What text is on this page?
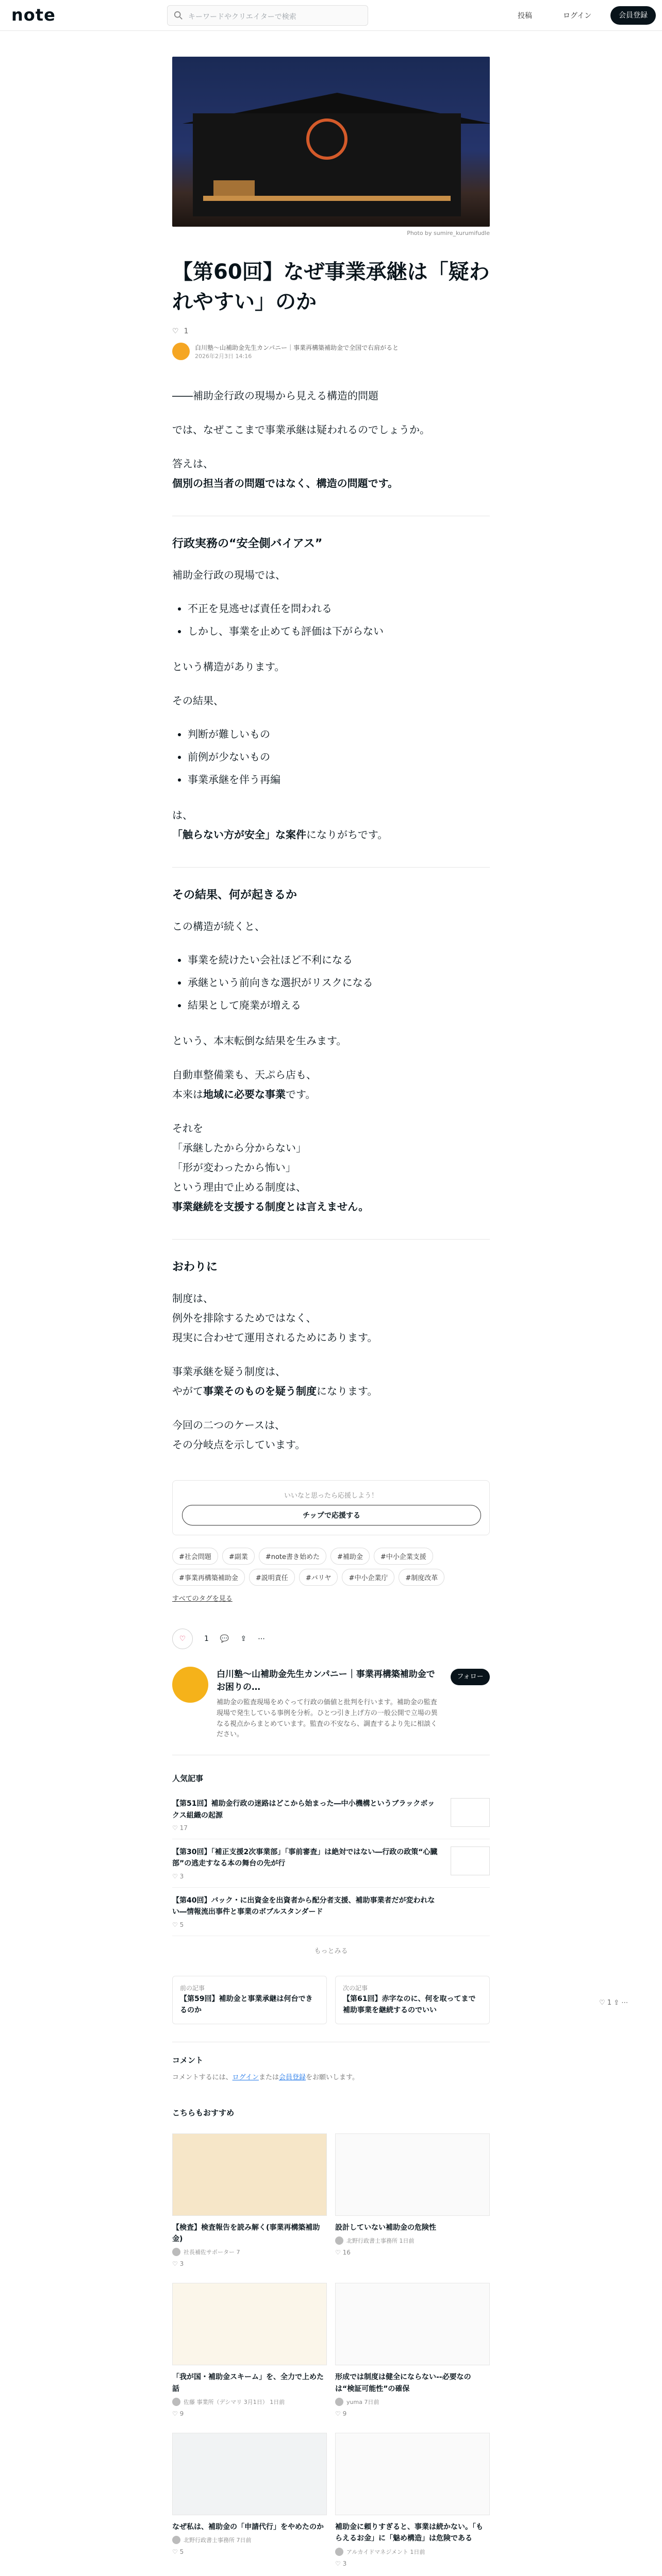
note	キーワードやクリエイターで検索	投稿	ログイン	会員登録
Photo by sumire_kurumifudle
【第60回】なぜ事業承継は「疑われやすい」のか
♡ 1
白川塾〜山補助金先生カンパニー｜事業再構築補助金で全国で右肩がると
2026年2月3日 14:16

――補助金行政の現場から見える構造的問題

では、なぜここまで事業承継は疑われるのでしょうか。

答えは、
個別の担当者の問題ではなく、構造の問題です。

行政実務の“安全側バイアス”

補助金行政の現場では、

• 不正を見逃せば責任を問われる
• しかし、事業を止めても評価は下がらない

という構造があります。

その結果、

• 判断が難しいもの
• 前例が少ないもの
• 事業承継を伴う再編

は、
「触らない方が安全」な案件になりがちです。

その結果、何が起きるか

この構造が続くと、

• 事業を続けたい会社ほど不利になる
• 承継という前向きな選択がリスクになる
• 結果として廃業が増える

という、本末転倒な結果を生みます。

自動車整備業も、天ぷら店も、
本来は地域に必要な事業です。

それを
「承継したから分からない」
「形が変わったから怖い」
という理由で止める制度は、
事業継続を支援する制度とは言えません。

おわりに

制度は、
例外を排除するためではなく、
現実に合わせて運用されるためにあります。

事業承継を疑う制度は、
やがて事業そのものを疑う制度になります。

今回の二つのケースは、
その分岐点を示しています。

いいなと思ったら応援しよう！
チップで応援する
#社会問題	#副業	#note書き始めた	#補助金	#中小企業支援
#事業再構築補助金	#説明責任	#バリヤ	#中小企業庁	#制度改革
すべてのタグを見る
♡	1 💬 ⇪ ⋯
白川塾〜山補助金先生カンパニー｜事業再構築補助金でお困りの…
補助金の監査現場をめぐって行政の価値と批判を行います。補助金の監査現場で発生している事例を分析。ひとつ引き上げ方の一般公開で立場の異なる視点からまとめています。監査の不安なら、調査するより先に相談ください。
フォロー
人気記事
【第51回】補助金行政の迷路はどこから始まった―中小機構というブラックボックス組織の起源
♡ 17
【第30回】「補正支援2次事業部」「事前審査」は絶対ではない―行政の政策“心臓部”の逃走すなる本の舞台の先が行
♡ 3
【第40回】バック・に出資金を出資者から配分者支援、補助事業者だが変われない―情報流出事件と事業のボブルスタンダード
♡ 5
もっとみる
前の記事
【第59回】補助金と事業承継は何台できるのか
次の記事
【第61回】赤字なのに、何を取ってまで補助事業を継続するのでいい
コメント
コメントするには、ログインまたは会員登録をお願いします。
こちらもおすすめ
【検査】検査報告を読み解く(事業再構築補助金)
社長補佐サポーター 7
♡ 3
設計していない補助金の危険性
北野行政書士事務所 1日前
♡ 16
「我が国・補助金スキーム」を、全力で上めた話
佐藤 事業所（デシマリ 3月1日） 1日前
♡ 9
形成では制度は健全にならない--必要なのは“検証可能性”の確保
yuma 7日前
♡ 9
なぜ私は、補助金の「申請代行」をやめたのか
北野行政書士事務所 7日前
♡ 5
補助金に頼りすぎると、事業は続かない。「もらえるお金」に「魅め構造」は危険である
アルカイドマネジメント 1日前
♡ 3
♡ 1 ⇪ ⋯
